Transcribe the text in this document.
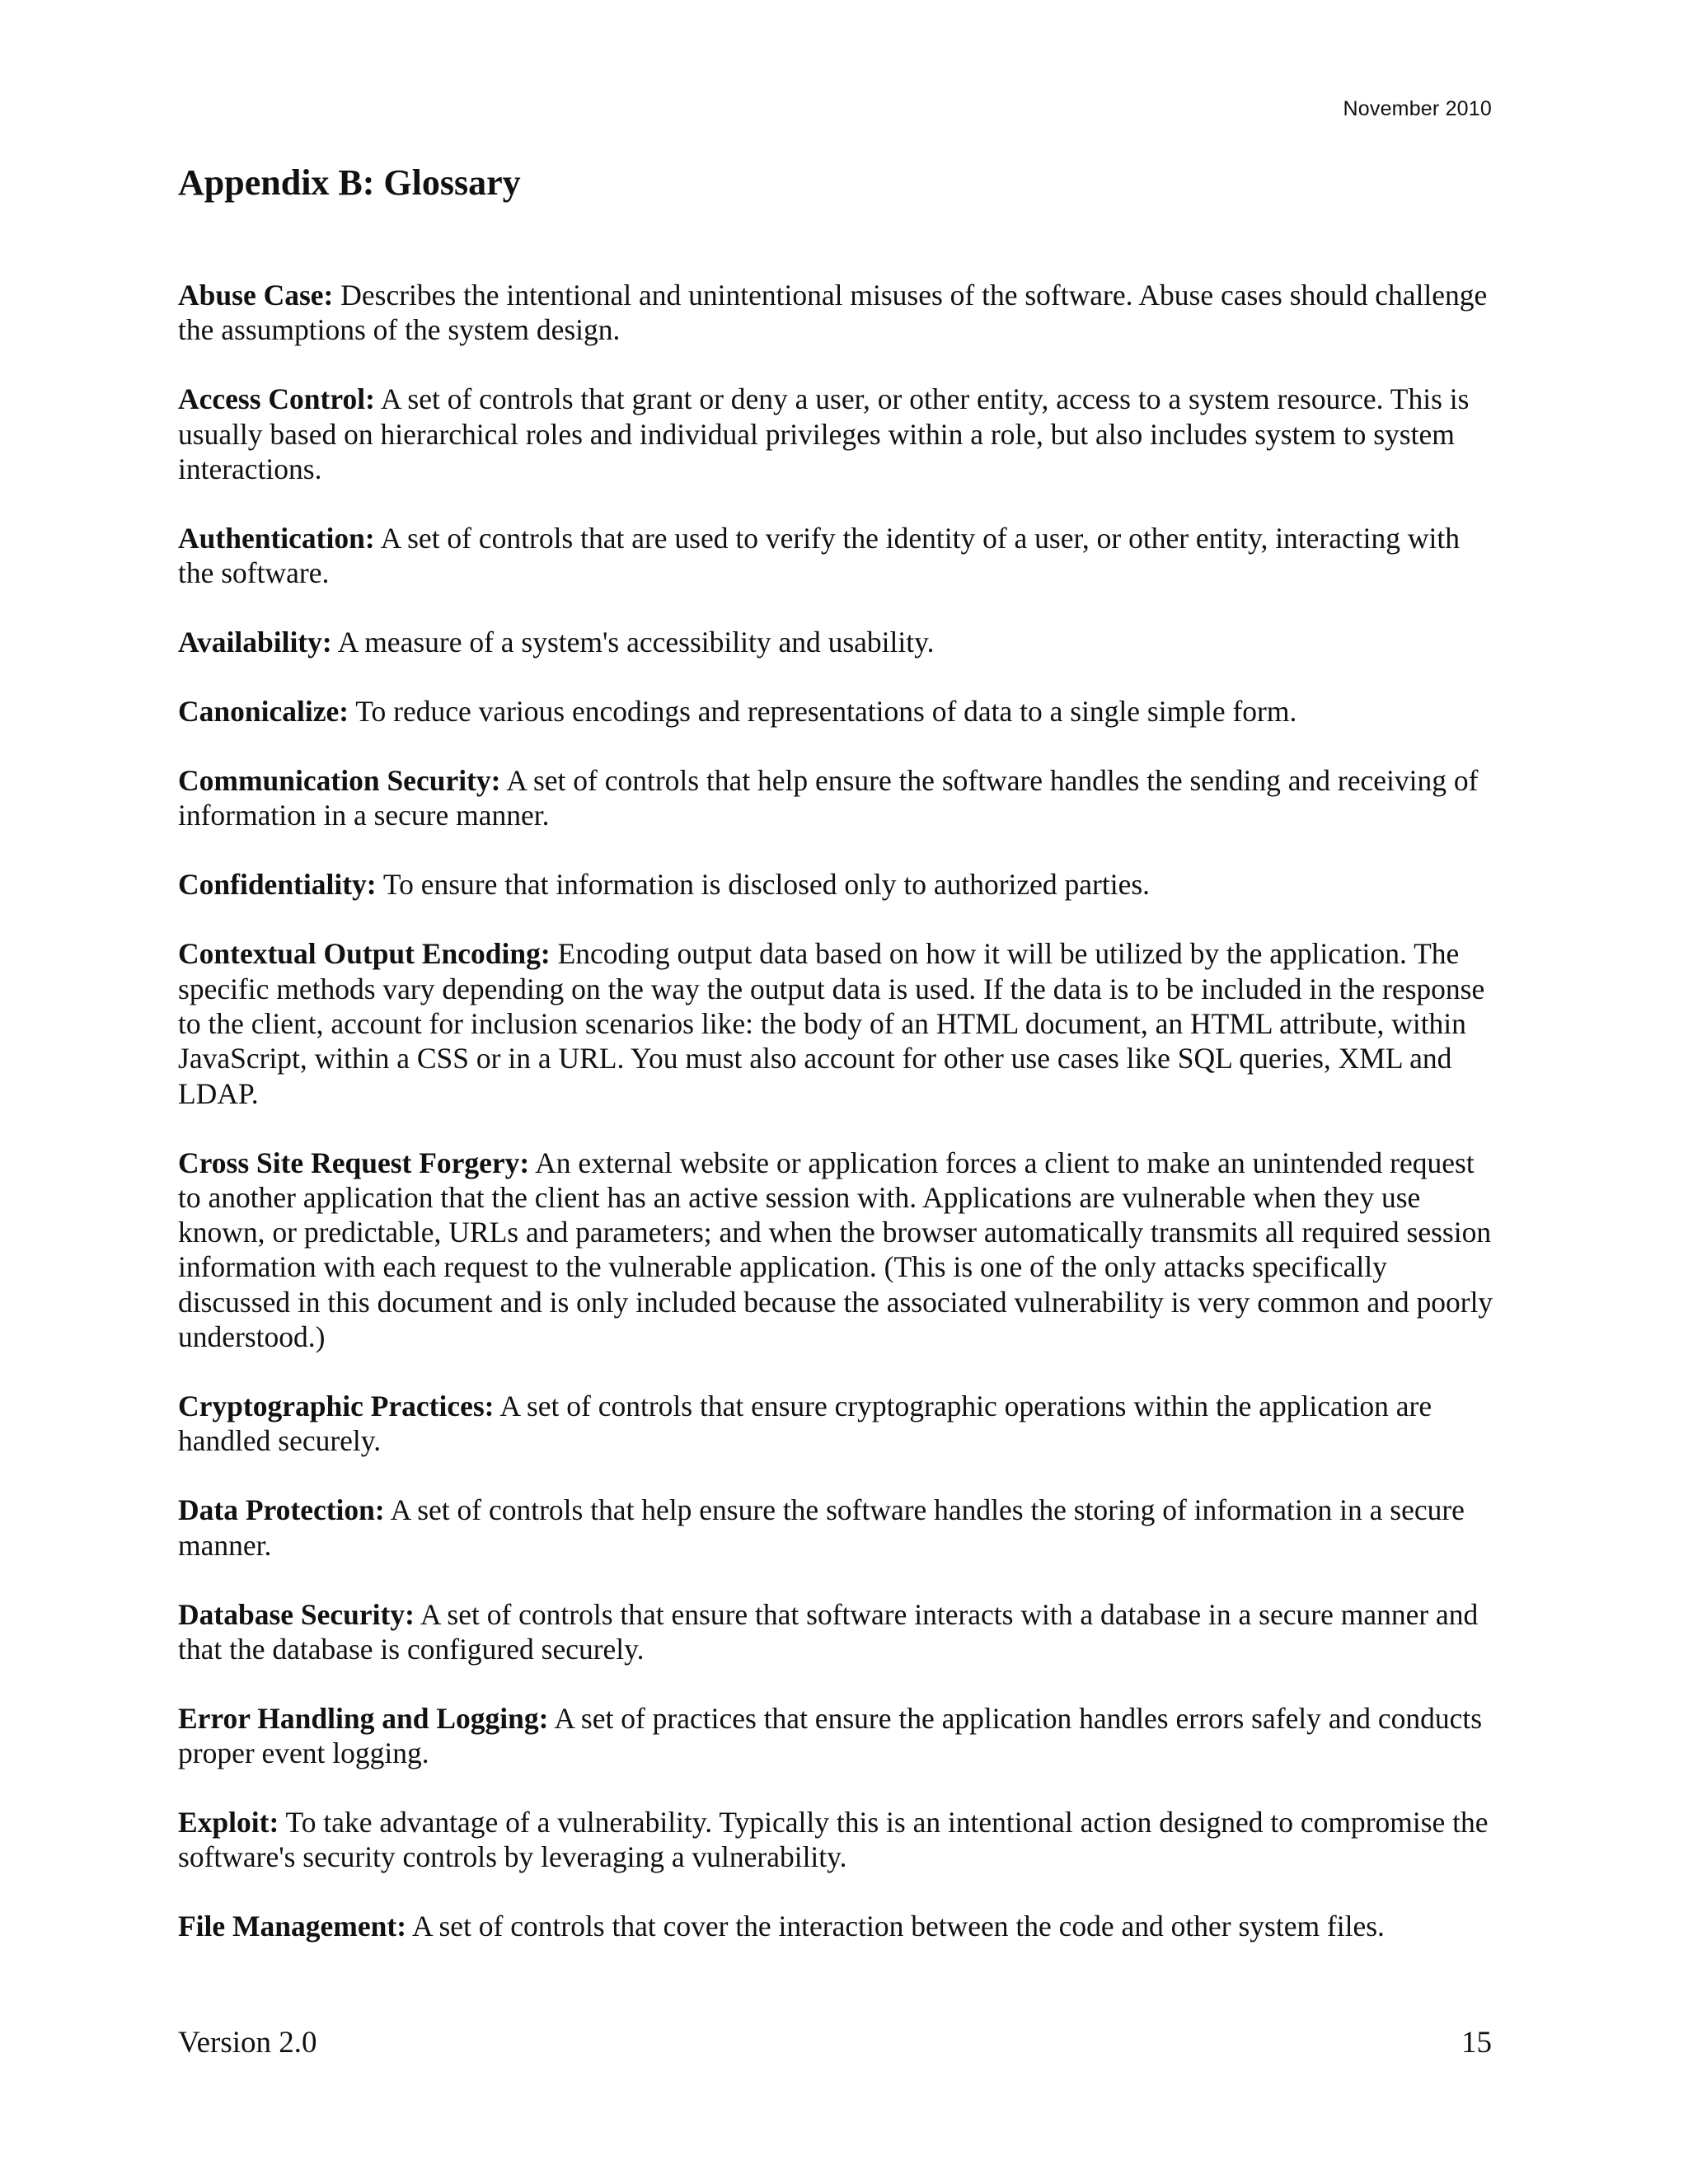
November 2010
Appendix B: Glossary

Abuse Case: Describes the intentional and unintentional misuses of the software. Abuse cases should challenge the assumptions of the system design.

Access Control: A set of controls that grant or deny a user, or other entity, access to a system resource. This is usually based on hierarchical roles and individual privileges within a role, but also includes system to system interactions.

Authentication: A set of controls that are used to verify the identity of a user, or other entity, interacting with the software.

Availability: A measure of a system's accessibility and usability.

Canonicalize: To reduce various encodings and representations of data to a single simple form.

Communication Security: A set of controls that help ensure the software handles the sending and receiving of information in a secure manner.

Confidentiality: To ensure that information is disclosed only to authorized parties.

Contextual Output Encoding: Encoding output data based on how it will be utilized by the application. The specific methods vary depending on the way the output data is used. If the data is to be included in the response to the client, account for inclusion scenarios like: the body of an HTML document, an HTML attribute, within JavaScript, within a CSS or in a URL. You must also account for other use cases like SQL queries, XML and LDAP.

Cross Site Request Forgery: An external website or application forces a client to make an unintended request to another application that the client has an active session with. Applications are vulnerable when they use known, or predictable, URLs and parameters; and when the browser automatically transmits all required session information with each request to the vulnerable application. (This is one of the only attacks specifically discussed in this document and is only included because the associated vulnerability is very common and poorly understood.)

Cryptographic Practices: A set of controls that ensure cryptographic operations within the application are handled securely.

Data Protection: A set of controls that help ensure the software handles the storing of information in a secure manner.

Database Security: A set of controls that ensure that software interacts with a database in a secure manner and that the database is configured securely.

Error Handling and Logging: A set of practices that ensure the application handles errors safely and conducts proper event logging.

Exploit: To take advantage of a vulnerability. Typically this is an intentional action designed to compromise the software's security controls by leveraging a vulnerability.

File Management: A set of controls that cover the interaction between the code and other system files.

Version 2.0	15
